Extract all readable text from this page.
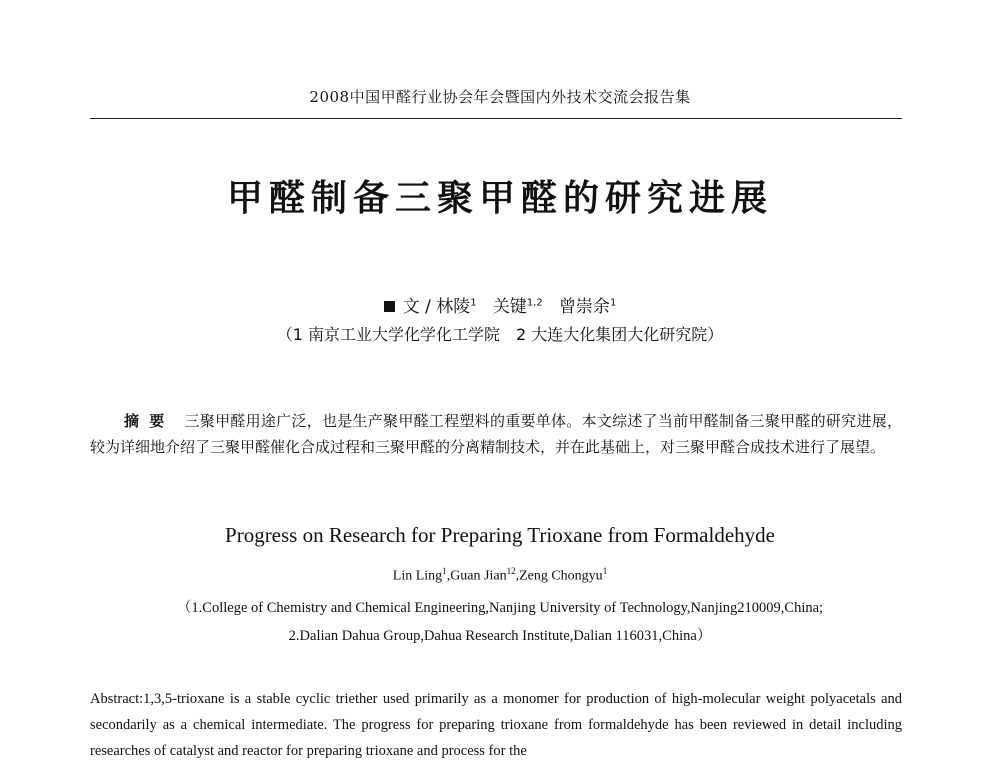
2008中国甲醛行业协会年会暨国内外技术交流会报告集
甲醛制备三聚甲醛的研究进展
文 / 林陵$^1$ 关键$^{1,2}$ 曾崇余$^1$
（1 南京工业大学化学化工学院　2 大连大化集团大化研究院）
摘要 三聚甲醛用途广泛，也是生产聚甲醛工程塑料的重要单体。本文综述了当前甲醛制备三聚甲醛的研究进展，较为详细地介绍了三聚甲醛催化合成过程和三聚甲醛的分离精制技术，并在此基础上，对三聚甲醛合成技术进行了展望。
Progress on Research for Preparing Trioxane from Formaldehyde
Lin Ling$^1$,Guan Jian$^{12}$,Zeng Chongyu$^1$
（1.College of Chemistry and Chemical Engineering,Nanjing University of Technology,Nanjing210009,China;
2.Dalian Dahua Group,Dahua Research Institute,Dalian 116031,China）
Abstract:1,3,5-trioxane is a stable cyclic triether used primarily as a monomer for production of high-molecular weight polyacetals and secondarily as a chemical intermediate. The progress for preparing trioxane from formaldehyde has been reviewed in detail including researches of catalyst and reactor for preparing trioxane and process for the
